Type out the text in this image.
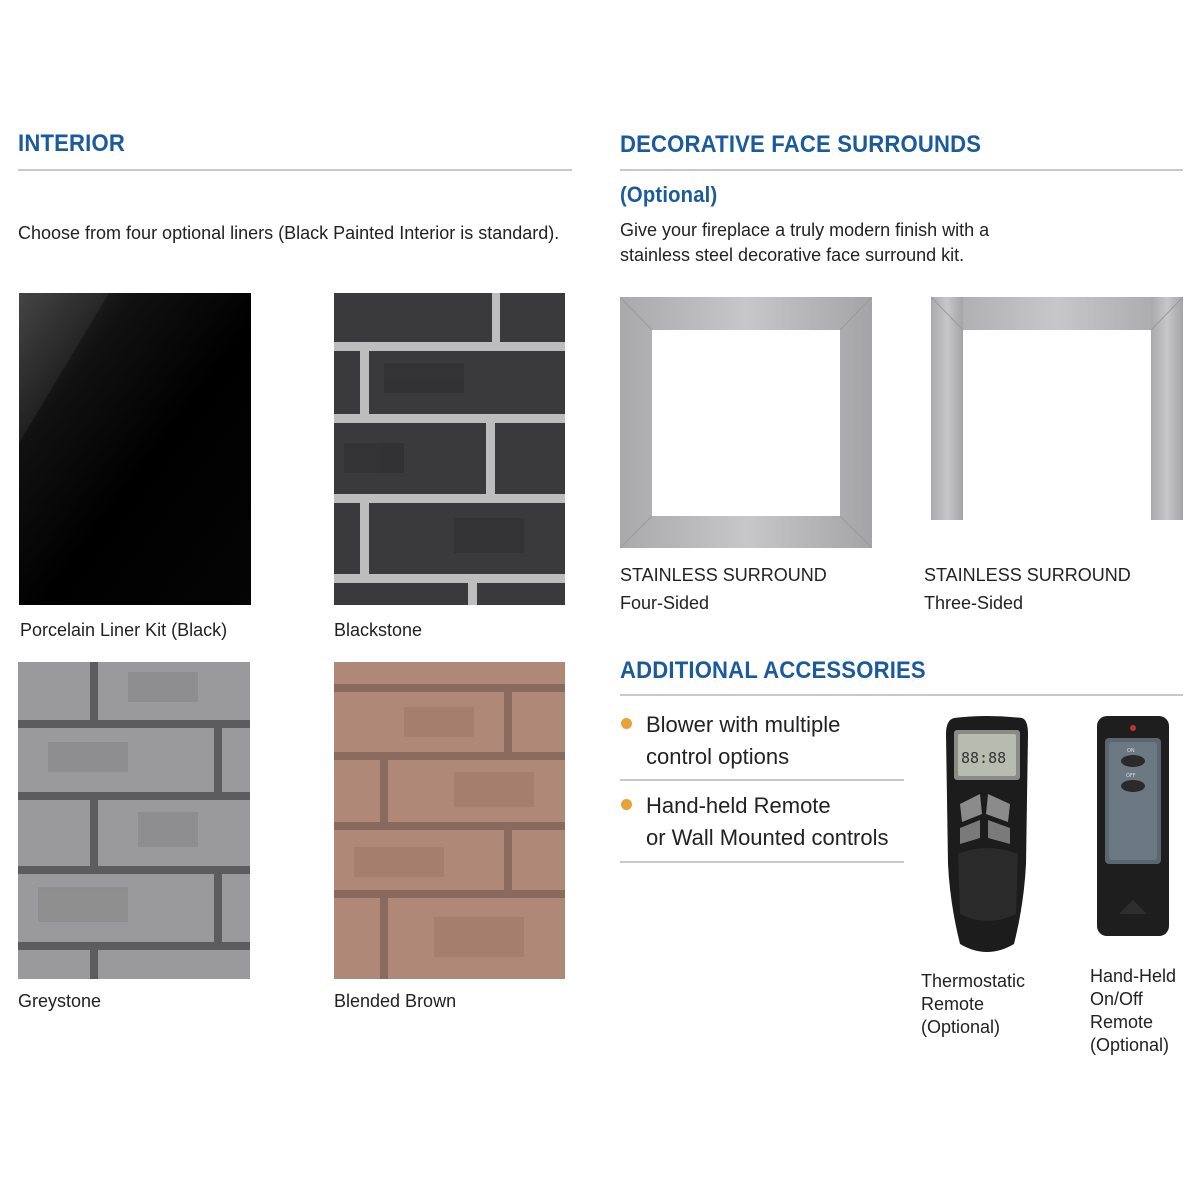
INTERIOR
Choose from four optional liners (Black Painted Interior is standard).
Porcelain Liner Kit (Black)	Blackstone
Greystone	Blended Brown
DECORATIVE FACE SURROUNDS
(Optional)
Give your fireplace a truly modern finish with a
stainless steel decorative face surround kit.
STAINLESS SURROUND
Four-Sided
STAINLESS SURROUND
Three-Sided
ADDITIONAL ACCESSORIES
Blower with multiple
control options
Hand-held Remote
or Wall Mounted controls
88:88
Thermostatic
Remote
(Optional)
ON
OFF
Hand-Held
On/Off
Remote
(Optional)
